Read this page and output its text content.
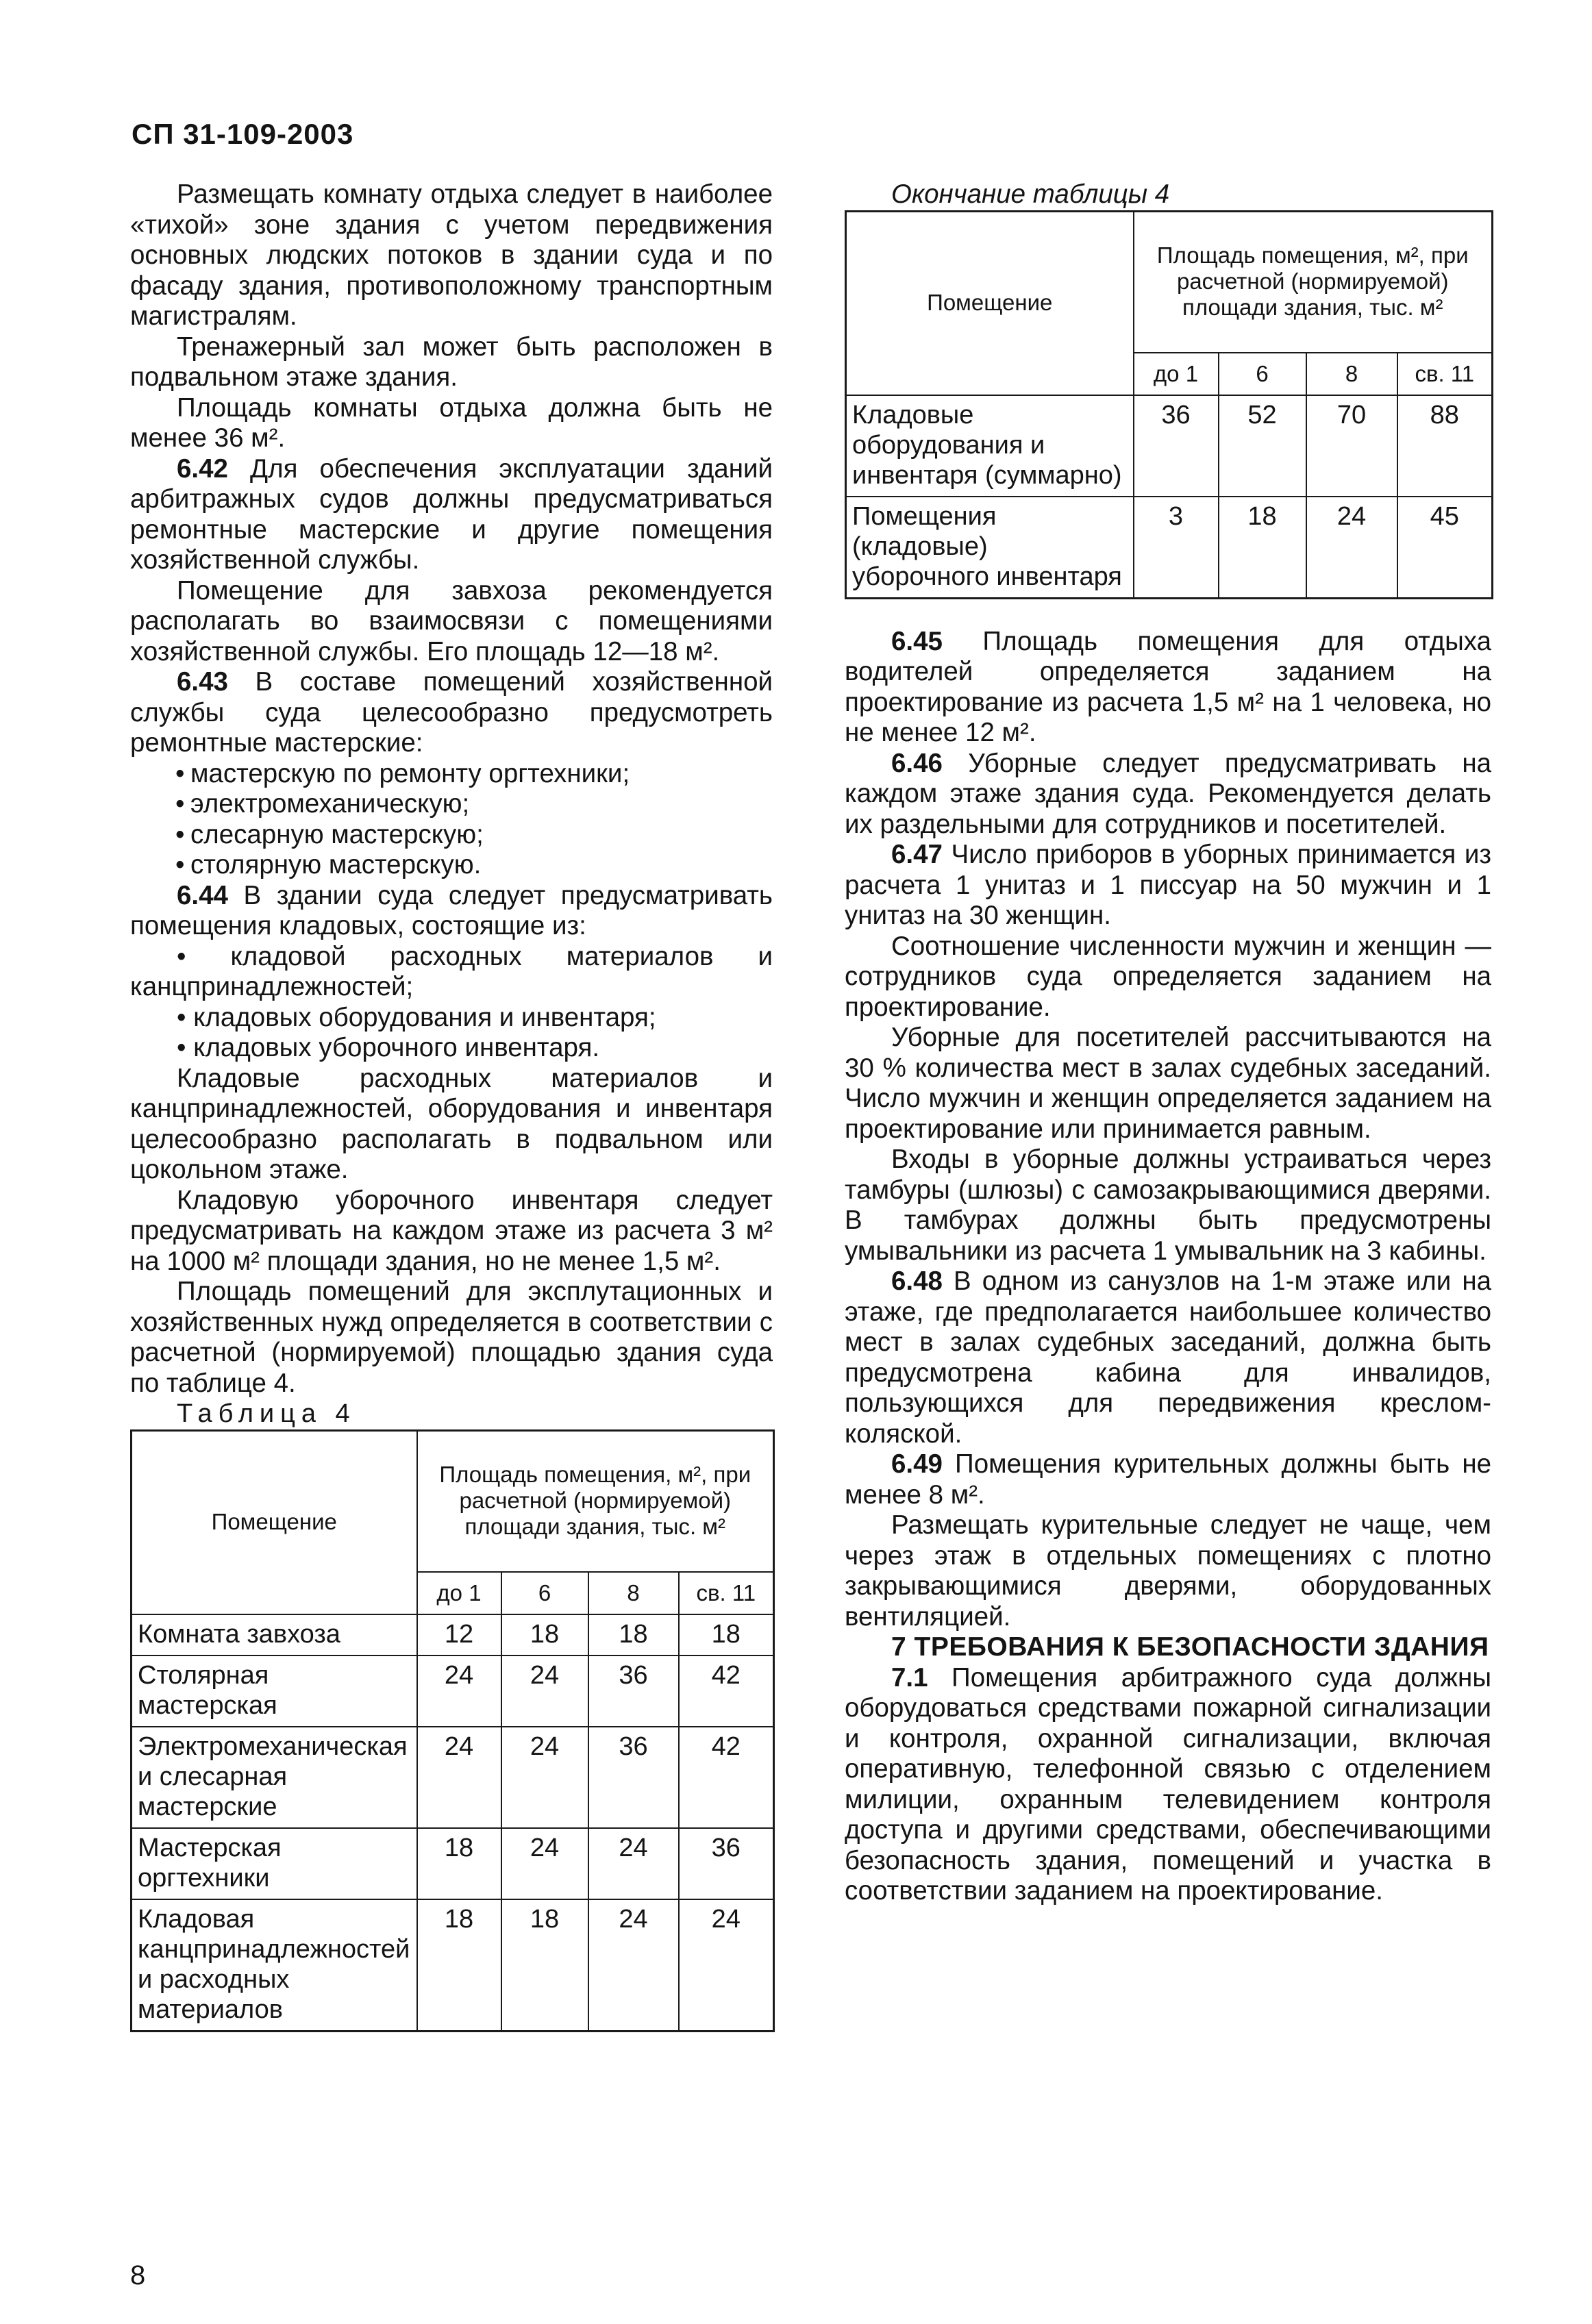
СП 31-109-2003

Размещать комнату отдыха следует в наиболее «тихой» зоне здания с учетом передвижения основных людских потоков в здании суда и по фасаду здания, противоположному транспортным магистралям.

Тренажерный зал может быть расположен в подвальном этаже здания.

Площадь комнаты отдыха должна быть не менее 36 м².

6.42 Для обеспечения эксплуатации зданий арбитражных судов должны предусматриваться ремонтные мастерские и другие помещения хозяйственной службы.

Помещение для завхоза рекомендуется располагать во взаимосвязи с помещениями хозяйственной службы. Его площадь 12—18 м².

6.43 В составе помещений хозяйственной службы суда целесообразно предусмотреть ремонтные мастерские:

• мастерскую по ремонту оргтехники;
• электромеханическую;
• слесарную мастерскую;
• столярную мастерскую.

6.44 В здании суда следует предусматривать помещения кладовых, состоящие из:

• кладовой расходных материалов и канцпринадлежностей;

• кладовых оборудования и инвентаря;

• кладовых уборочного инвентаря.

Кладовые расходных материалов и канцпринадлежностей, оборудования и инвентаря целесообразно располагать в подвальном или цокольном этаже.

Кладовую уборочного инвентаря следует предусматривать на каждом этаже из расчета 3 м² на 1000 м² площади здания, но не менее 1,5 м².

Площадь помещений для эксплутационных и хозяйственных нужд определяется в соответствии с расчетной (нормируемой) площадью здания суда по таблице 4.

Таблица 4

Помещение	Площадь помещения, м², при расчетной (нормируемой) площади здания, тыс. м²			
	до 1	6	8	св. 11
Комната завхоза	12	18	18	18
Столярная мастерская	24	24	36	42
Электромеханическая и слесарная мастерские	24	24	36	42
Мастерская оргтехники	18	24	24	36
Кладовая канцпринадлежностей и расходных материалов	18	18	24	24

Окончание таблицы 4

Помещение	Площадь помещения, м², при расчетной (нормируемой) площади здания, тыс. м²			
	до 1	6	8	св. 11
Кладовые оборудования и инвентаря (суммарно)	36	52	70	88
Помещения (кладовые) уборочного инвентаря	3	18	24	45

6.45 Площадь помещения для отдыха водителей определяется заданием на проектирование из расчета 1,5 м² на 1 человека, но не менее 12 м².

6.46 Уборные следует предусматривать на каждом этаже здания суда. Рекомендуется делать их раздельными для сотрудников и посетителей.

6.47 Число приборов в уборных принимается из расчета 1 унитаз и 1 писсуар на 50 мужчин и 1 унитаз на 30 женщин.

Соотношение численности мужчин и женщин — сотрудников суда определяется заданием на проектирование.

Уборные для посетителей рассчитываются на 30 % количества мест в залах судебных заседаний. Число мужчин и женщин определяется заданием на проектирование или принимается равным.

Входы в уборные должны устраиваться через тамбуры (шлюзы) с самозакрывающимися дверями. В тамбурах должны быть предусмотрены умывальники из расчета 1 умывальник на 3 кабины.

6.48 В одном из санузлов на 1-м этаже или на этаже, где предполагается наибольшее количество мест в залах судебных заседаний, должна быть предусмотрена кабина для инвалидов, пользующихся для передвижения креслом-коляской.

6.49 Помещения курительных должны быть не менее 8 м².

Размещать курительные следует не чаще, чем через этаж в отдельных помещениях с плотно закрывающимися дверями, оборудованных вентиляцией.

7 ТРЕБОВАНИЯ К БЕЗОПАСНОСТИ ЗДАНИЯ

7.1 Помещения арбитражного суда должны оборудоваться средствами пожарной сигнализации и контроля, охранной сигнализации, включая оперативную, телефонной связью с отделением милиции, охранным телевидением контроля доступа и другими средствами, обеспечивающими безопасность здания, помещений и участка в соответствии заданием на проектирование.

8
